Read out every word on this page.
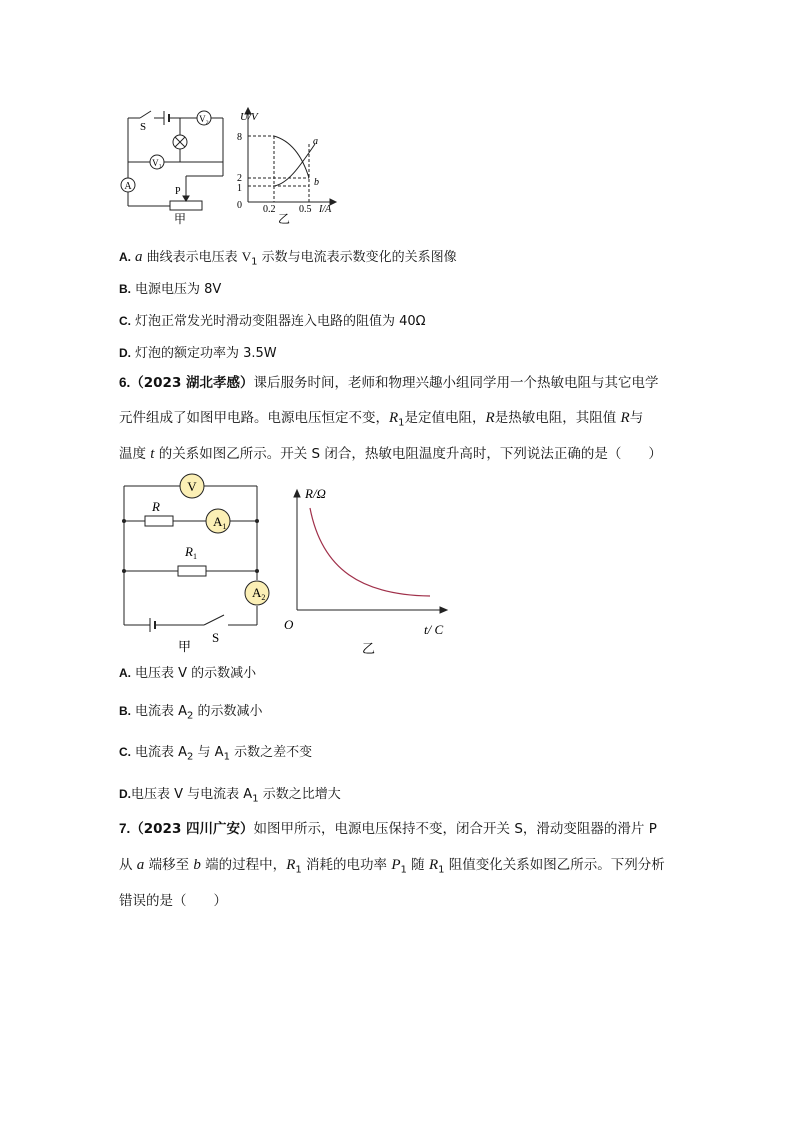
S
V₂
V₁
A	P
甲
U/V
8
2
1
0 0.2 0.5 I/A
a
b
乙
A. a 曲线表示电压表 $V_1$ 示数与电流表示数变化的关系图像
B. 电源电压为 8V
C. 灯泡正常发光时滑动变阻器连入电路的阻值为 40Ω
D. 灯泡的额定功率为 3.5W
6.（2023 湖北孝感）课后服务时间，老师和物理兴趣小组同学用一个热敏电阻与其它电学
元件组成了如图甲电路。电源电压恒定不变，$R_1$是定值电阻，R是热敏电阻，其阻值 R与
温度 t 的关系如图乙所示。开关 S 闭合，热敏电阻温度升高时，下列说法正确的是（　　）
V
R
$A_1$
$R_1$
$A_2$
S
甲
R/Ω
O	t/ C
乙
A. 电压表 V 的示数减小
B. 电流表 $A_2$ 的示数减小
C. 电流表 $A_2$ 与 $A_1$ 示数之差不变
D.电压表 V 与电流表 $A_1$ 示数之比增大
7.（2023 四川广安）如图甲所示，电源电压保持不变，闭合开关 S，滑动变阻器的滑片 P
从 a 端移至 b 端的过程中，$R_1$ 消耗的电功率 $P_1$ 随 $R_1$ 阻值变化关系如图乙所示。下列分析
错误的是（　　）
